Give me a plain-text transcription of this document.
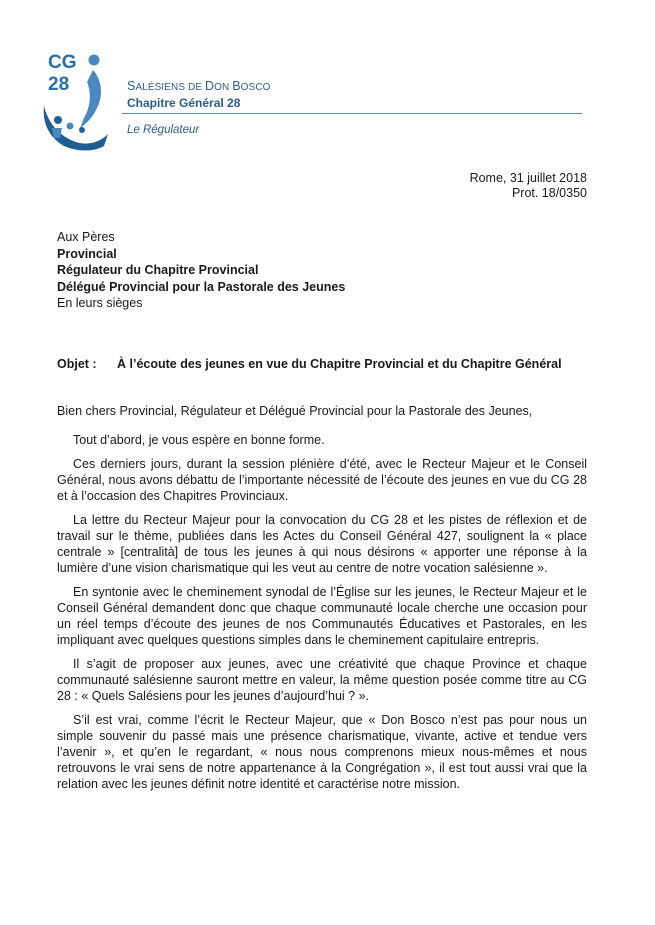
CG
28	SALÉSIENS DE DON BOSCO
Chapitre Général 28
Le Régulateur
Rome, 31 juillet 2018
Prot. 18/0350
Aux Pères
Provincial
Régulateur du Chapitre Provincial
Délégué Provincial pour la Pastorale des Jeunes
En leurs sièges
Objet : À l’écoute des jeunes en vue du Chapitre Provincial et du Chapitre Général
Bien chers Provincial, Régulateur et Délégué Provincial pour la Pastorale des Jeunes,

Tout d’abord, je vous espère en bonne forme.

Ces derniers jours, durant la session plénière d’été, avec le Recteur Majeur et le Conseil Général, nous avons débattu de l’importante nécessité de l’écoute des jeunes en vue du CG 28 et à l’occasion des Chapitres Provinciaux.

La lettre du Recteur Majeur pour la convocation du CG 28 et les pistes de réflexion et de travail sur le thème, publiées dans les Actes du Conseil Général 427, soulignent la « place centrale » [centralità] de tous les jeunes à qui nous désirons « apporter une réponse à la lumière d’une vision charismatique qui les veut au centre de notre vocation salésienne ».

En syntonie avec le cheminement synodal de l’Église sur les jeunes, le Recteur Majeur et le Conseil Général demandent donc que chaque communauté locale cherche une occasion pour un réel temps d’écoute des jeunes de nos Communautés Éducatives et Pastorales, en les impliquant avec quelques questions simples dans le cheminement capitulaire entrepris.

Il s’agit de proposer aux jeunes, avec une créativité que chaque Province et chaque communauté salésienne sauront mettre en valeur, la même question posée comme titre au CG 28 : « Quels Salésiens pour les jeunes d’aujourd’hui ? ».

S’il est vrai, comme l’écrit le Recteur Majeur, que « Don Bosco n’est pas pour nous un simple souvenir du passé mais une présence charismatique, vivante, active et tendue vers l’avenir », et qu’en le regardant, « nous nous comprenons mieux nous-mêmes et nous retrouvons le vrai sens de notre appartenance à la Congrégation », il est tout aussi vrai que la relation avec les jeunes définit notre identité et caractérise notre mission.
